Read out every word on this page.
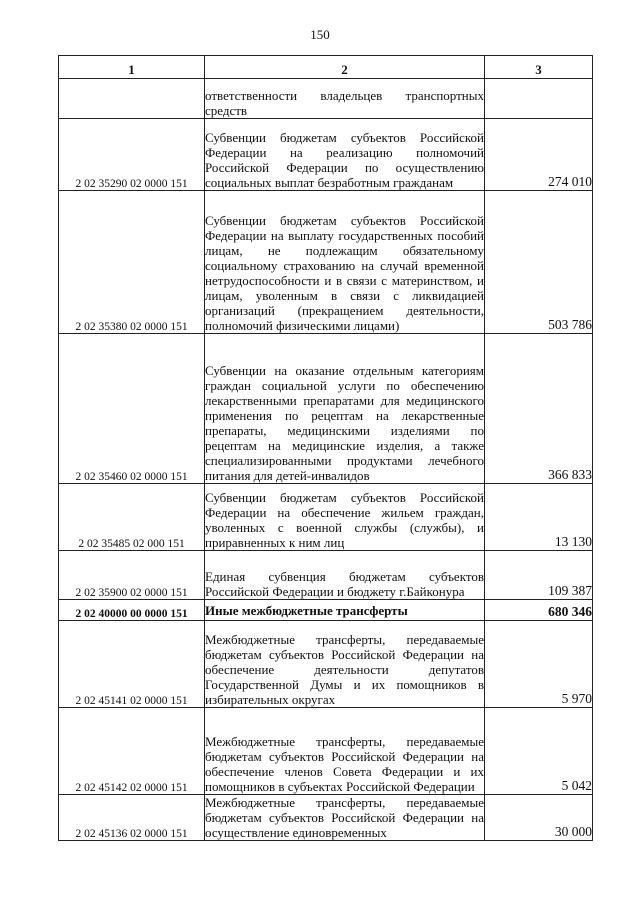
150
1	2	3
	ответственности владельцев транспортных средств	
2 02 35290 02 0000 151	Субвенции бюджетам субъектов Российской Федерации на реализацию полномочий Российской Федерации по осуществлению социальных выплат безработным гражданам	274 010
2 02 35380 02 0000 151	Субвенции бюджетам субъектов Российской Федерации на выплату государственных пособий лицам, не подлежащим обязательному социальному страхованию на случай временной нетрудоспособности и в связи с материнством, и лицам, уволенным в связи с ликвидацией организаций (прекращением деятельности, полномочий физическими лицами)	503 786
2 02 35460 02 0000 151	Субвенции на оказание отдельным категориям граждан социальной услуги по обеспечению лекарственными препаратами для медицинского применения по рецептам на лекарственные препараты, медицинскими изделиями по рецептам на медицинские изделия, а также специализированными продуктами лечебного питания для детей-инвалидов	366 833
2 02 35485 02 000 151	Субвенции бюджетам субъектов Российской Федерации на обеспечение жильем граждан, уволенных с военной службы (службы), и приравненных к ним лиц	13 130
2 02 35900 02 0000 151	Единая субвенция бюджетам субъектов Российской Федерации и бюджету г.Байконура	109 387
2 02 40000 00 0000 151	Иные межбюджетные трансферты	680 346
2 02 45141 02 0000 151	Межбюджетные трансферты, передаваемые бюджетам субъектов Российской Федерации на обеспечение деятельности депутатов Государственной Думы и их помощников в избирательных округах	5 970
2 02 45142 02 0000 151	Межбюджетные трансферты, передаваемые бюджетам субъектов Российской Федерации на обеспечение членов Совета Федерации и их помощников в субъектах Российской Федерации	5 042
2 02 45136 02 0000 151	Межбюджетные трансферты, передаваемые бюджетам субъектов Российской Федерации на осуществление единовременных	30 000
